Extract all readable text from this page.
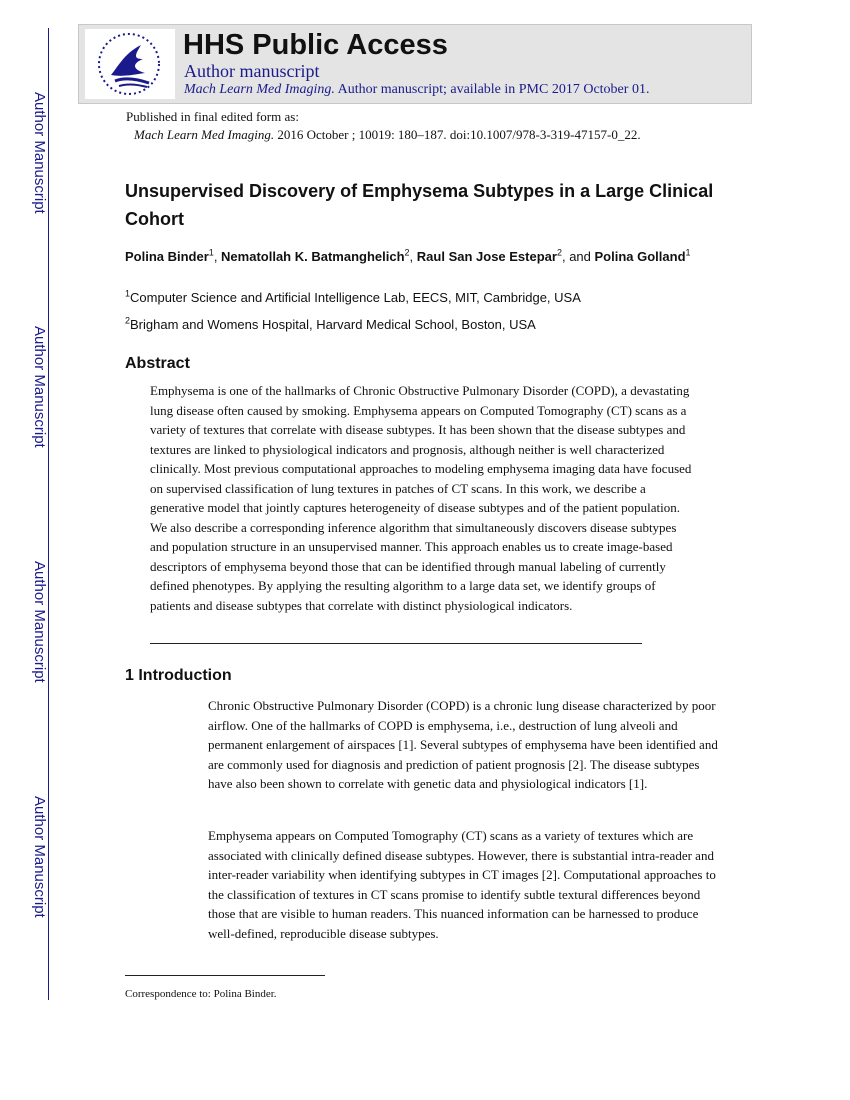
Author Manuscript
Author Manuscript
Author Manuscript
Author Manuscript
HHS Public Access
Author manuscript
Mach Learn Med Imaging. Author manuscript; available in PMC 2017 October 01.
Published in final edited form as:
Mach Learn Med Imaging. 2016 October ; 10019: 180–187. doi:10.1007/978-3-319-47157-0_22.
Unsupervised Discovery of Emphysema Subtypes in a Large Clinical Cohort
Polina Binder$^1$, Nematollah K. Batmanghelich$^2$, Raul San Jose Estepar$^2$, and Polina Golland$^1$
$^1$Computer Science and Artificial Intelligence Lab, EECS, MIT, Cambridge, USA
$^2$Brigham and Womens Hospital, Harvard Medical School, Boston, USA
Abstract
Emphysema is one of the hallmarks of Chronic Obstructive Pulmonary Disorder (COPD), a devastating lung disease often caused by smoking. Emphysema appears on Computed Tomography (CT) scans as a variety of textures that correlate with disease subtypes. It has been shown that the disease subtypes and textures are linked to physiological indicators and prognosis, although neither is well characterized clinically. Most previous computational approaches to modeling emphysema imaging data have focused on supervised classification of lung textures in patches of CT scans. In this work, we describe a generative model that jointly captures heterogeneity of disease subtypes and of the patient population. We also describe a corresponding inference algorithm that simultaneously discovers disease subtypes and population structure in an unsupervised manner. This approach enables us to create image-based descriptors of emphysema beyond those that can be identified through manual labeling of currently defined phenotypes. By applying the resulting algorithm to a large data set, we identify groups of patients and disease subtypes that correlate with distinct physiological indicators.
1 Introduction
Chronic Obstructive Pulmonary Disorder (COPD) is a chronic lung disease characterized by poor airflow. One of the hallmarks of COPD is emphysema, i.e., destruction of lung alveoli and permanent enlargement of airspaces [1]. Several subtypes of emphysema have been identified and are commonly used for diagnosis and prediction of patient prognosis [2]. The disease subtypes have also been shown to correlate with genetic data and physiological indicators [1].
Emphysema appears on Computed Tomography (CT) scans as a variety of textures which are associated with clinically defined disease subtypes. However, there is substantial intra-reader and inter-reader variability when identifying subtypes in CT images [2]. Computational approaches to the classification of textures in CT scans promise to identify subtle textural differences beyond those that are visible to human readers. This nuanced information can be harnessed to produce well-defined, reproducible disease subtypes.
Correspondence to: Polina Binder.
